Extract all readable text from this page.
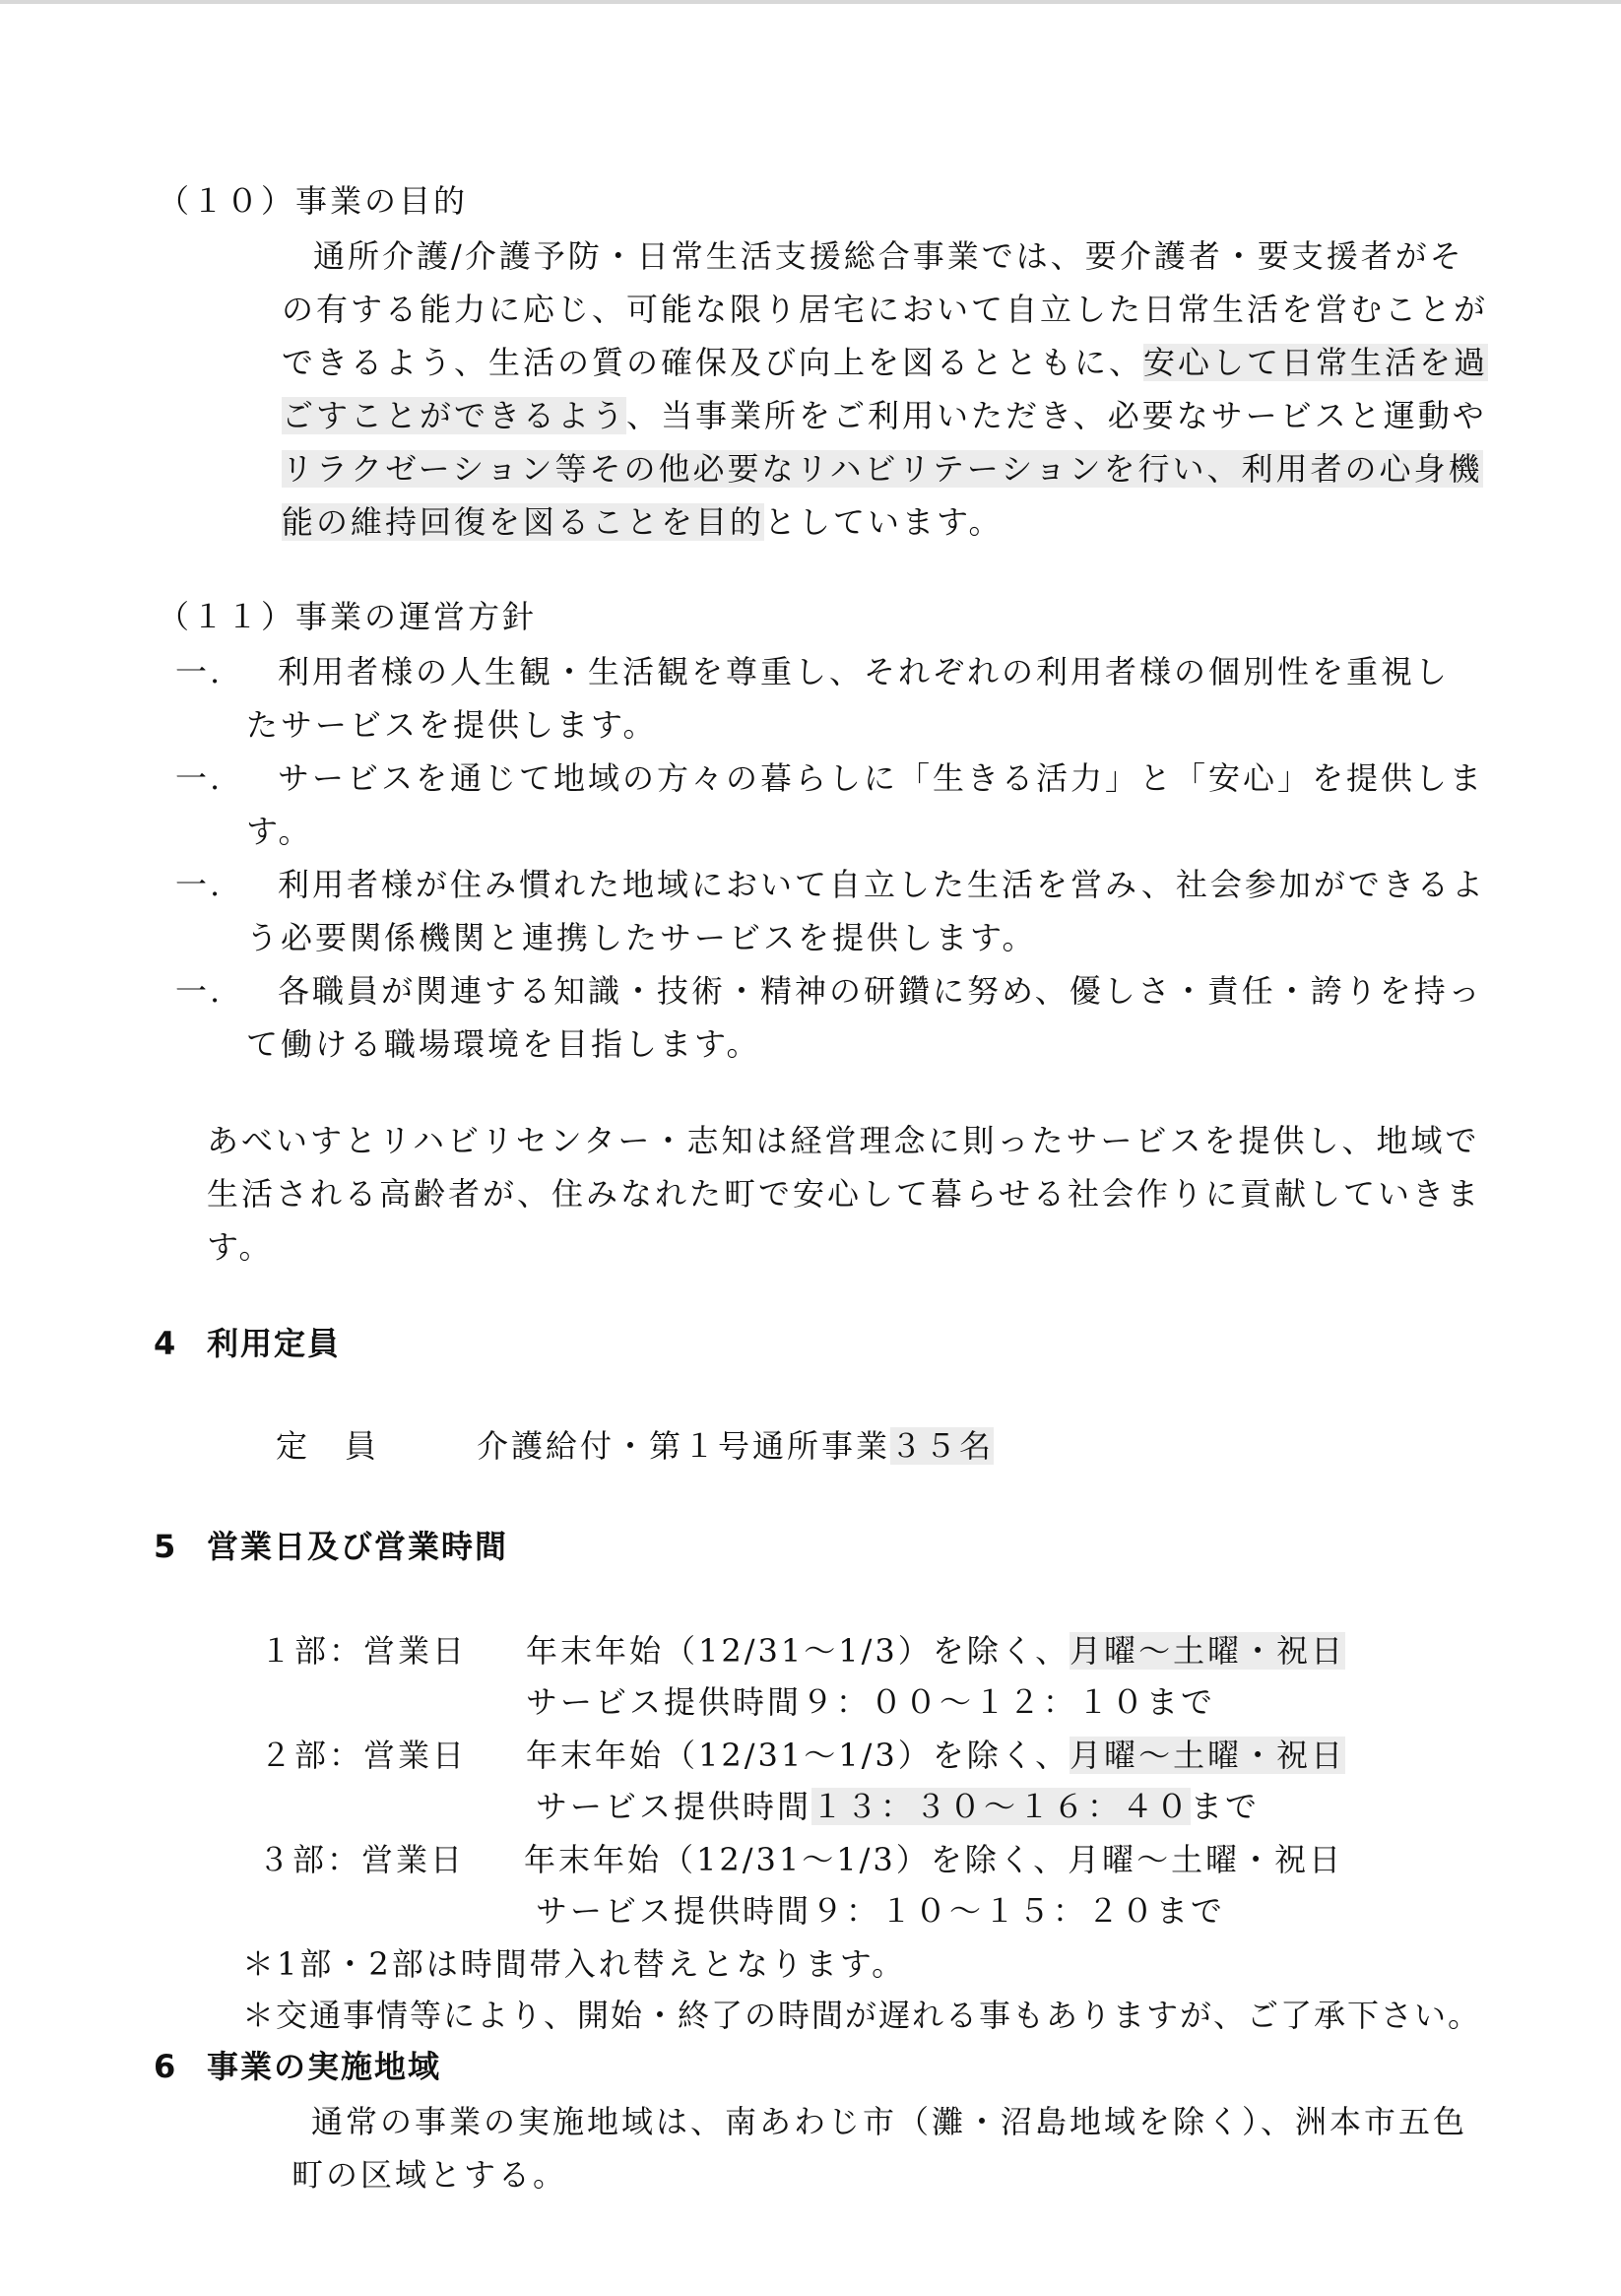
（１０）事業の目的
通所介護/介護予防・日常生活支援総合事業では、要介護者・要支援者がそ
の有する能力に応じ、可能な限り居宅において自立した日常生活を営むことが
できるよう、生活の質の確保及び向上を図るとともに、安心して日常生活を過
ごすことができるよう、当事業所をご利用いただき、必要なサービスと運動や
リラクゼーション等その他必要なリハビリテーションを行い、利用者の心身機
能の維持回復を図ることを目的としています。
（１１）事業の運営方針
一. 利用者様の人生観・生活観を尊重し、それぞれの利用者様の個別性を重視し
たサービスを提供します。
一. サービスを通じて地域の方々の暮らしに「生きる活力」と「安心」を提供しま
す。
一. 利用者様が住み慣れた地域において自立した生活を営み、社会参加ができるよ
う必要関係機関と連携したサービスを提供します。
一. 各職員が関連する知識・技術・精神の研鑽に努め、優しさ・責任・誇りを持っ
て働ける職場環境を目指します。
あべいすとリハビリセンター・志知は経営理念に則ったサービスを提供し、地域で
生活される高齢者が、住みなれた町で安心して暮らせる社会作りに貢献していきま
す。
4 利用定員
定　員	介護給付・第１号通所事業３５名
5 営業日及び営業時間
１部：営業日 年末年始（12/31～1/3）を除く、月曜～土曜・祝日
サービス提供時間９：００～１２：１０まで
２部：営業日 年末年始（12/31～1/3）を除く、月曜～土曜・祝日
サービス提供時間１３：３０～１６：４０まで
３部：営業日 年末年始（12/31～1/3）を除く、月曜～土曜・祝日
サービス提供時間９：１０～１５：２０まで
＊1部・2部は時間帯入れ替えとなります。
＊交通事情等により、開始・終了の時間が遅れる事もありますが、ご了承下さい。
6 事業の実施地域
通常の事業の実施地域は、南あわじ市（灘・沼島地域を除く）、洲本市五色
町の区域とする。
